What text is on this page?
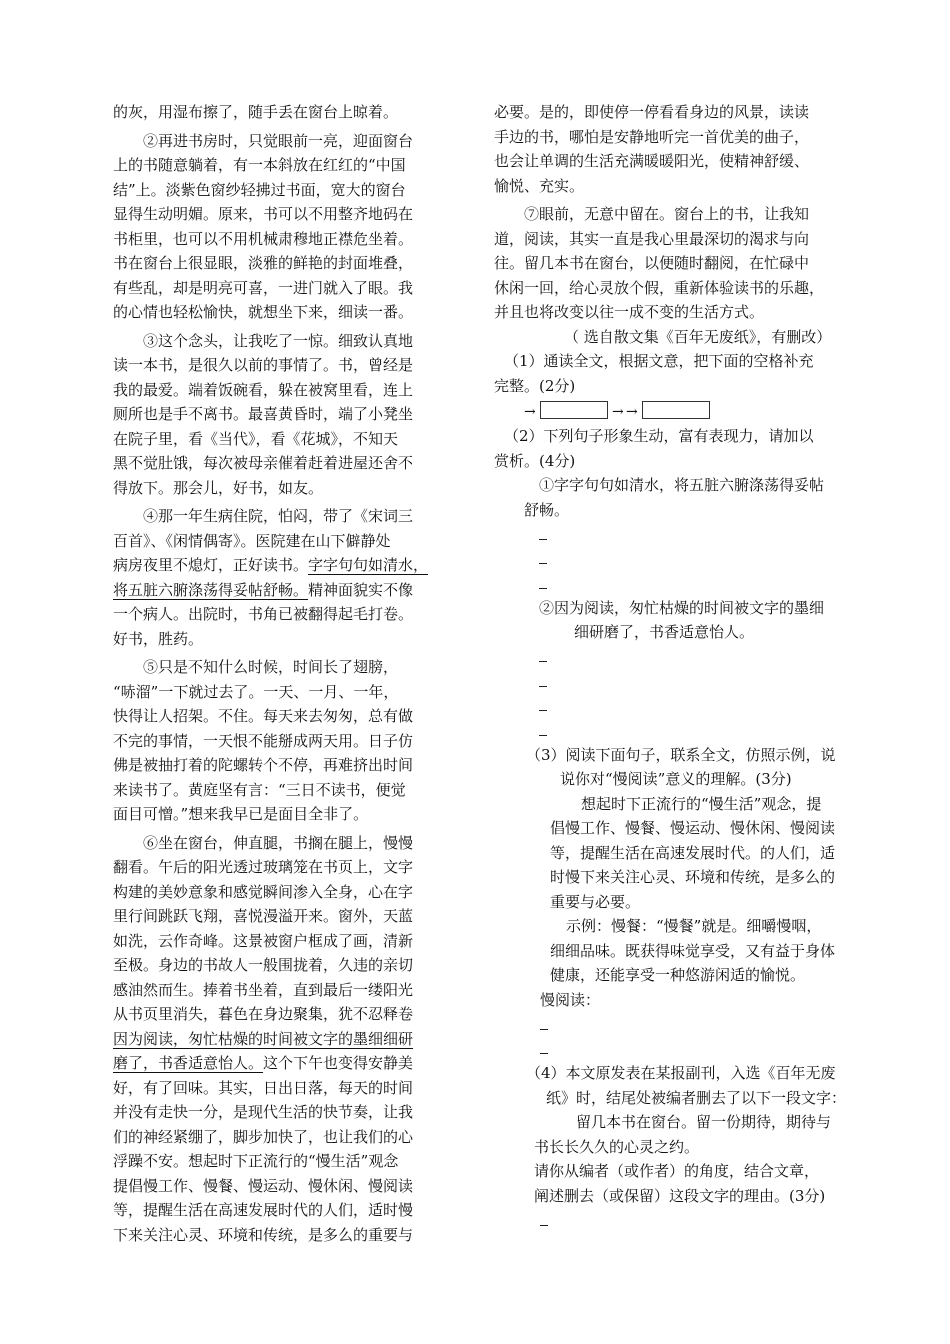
的灰，用湿布擦了，随手丢在窗台上晾着。
　　②再进书房时，只觉眼前一亮，迎面窗台
上的书随意躺着，有一本斜放在红红的“中国
结”上。淡紫色窗纱轻拂过书面，宽大的窗台
显得生动明媚。原来，书可以不用整齐地码在
书柜里，也可以不用机械肃穆地正襟危坐着。
书在窗台上很显眼，淡雅的鲜艳的封面堆叠，
有些乱，却是明亮可喜，一进门就入了眼。我
的心情也轻松愉快，就想坐下来，细读一番。
　　③这个念头，让我吃了一惊。细致认真地
读一本书，是很久以前的事情了。书，曾经是
我的最爱。端着饭碗看，躲在被窝里看，连上
厕所也是手不离书。最喜黄昏时，端了小凳坐
在院子里，看《当代》，看《花城》，不知天
黑不觉肚饿，每次被母亲催着赶着进屋还舍不
得放下。那会儿，好书，如友。
　　④那一年生病住院，怕闷，带了《宋词三
百首》、《闲情偶寄》。医院建在山下僻静处
病房夜里不熄灯，正好读书。字字句句如清水，
将五脏六腑涤荡得妥帖舒畅。精神面貌实不像
一个病人。出院时，书角已被翻得起毛打卷。
好书，胜药。
　　⑤只是不知什么时候，时间长了翅膀，
“哧溜”一下就过去了。一天、一月、一年，
快得让人招架。不住。每天来去匆匆，总有做
不完的事情，一天恨不能掰成两天用。日子仿
佛是被抽打着的陀螺转个不停，再难挤出时间
来读书了。黄庭坚有言：“三日不读书，便觉
面目可憎。”想来我早已是面目全非了。
　　⑥坐在窗台，伸直腿，书搁在腿上，慢慢
翻看。午后的阳光透过玻璃笼在书页上，文字
构建的美妙意象和感觉瞬间渗入全身，心在字
里行间跳跃飞翔，喜悦漫溢开来。窗外，天蓝
如洗，云作奇峰。这景被窗户框成了画，清新
至极。身边的书故人一般围拢着，久违的亲切
感油然而生。捧着书坐着，直到最后一缕阳光
从书页里消失，暮色在身边聚集，犹不忍释卷
因为阅读，匆忙枯燥的时间被文字的墨细细研
磨了，书香适意怡人。这个下午也变得安静美
好，有了回味。其实，日出日落，每天的时间
并没有走快一分，是现代生活的快节奏，让我
们的神经紧绷了，脚步加快了，也让我们的心
浮躁不安。想起时下正流行的“慢生活”观念
提倡慢工作、慢餐、慢运动、慢休闲、慢阅读
等，提醒生活在高速发展时代的人们，适时慢
下来关注心灵、环境和传统，是多么的重要与
必要。是的，即使停一停看看身边的风景，读读
手边的书，哪怕是安静地听完一首优美的曲子，
也会让单调的生活充满暖暖阳光，使精神舒缓、
愉悦、充实。
　　⑦眼前，无意中留在。窗台上的书，让我知
道，阅读，其实一直是我心里最深切的渴求与向
往。留几本书在窗台，以便随时翻阅，在忙碌中
休闲一回，给心灵放个假，重新体验读书的乐趣，
并且也将改变以往一成不变的生活方式。
（ 选自散文集《百年无废纸》，有删改）
（1）通读全文，根据文意，把下面的空格补充
完整。(2分)
→	→ →
（2）下列句子形象生动，富有表现力，请加以
赏析。(4分)
①字字句句如清水，将五脏六腑涤荡得妥帖
舒畅。
②因为阅读，匆忙枯燥的时间被文字的墨细
细研磨了，书香适意怡人。
（3）阅读下面句子，联系全文，仿照示例，说
说你对“慢阅读”意义的理解。(3分)
想起时下正流行的“慢生活”观念，提
倡慢工作、慢餐、慢运动、慢休闲、慢阅读
等，提醒生活在高速发展时代。的人们，适
时慢下来关注心灵、环境和传统，是多么的
重要与必要。
示例：慢餐：“慢餐”就是。细嚼慢咽，
细细品味。既获得味觉享受，又有益于身体
健康，还能享受一种悠游闲适的愉悦。
慢阅读：
（4）本文原发表在某报副刊，入选《百年无废
纸》时，结尾处被编者删去了以下一段文字：
留几本书在窗台。留一份期待，期待与
书长长久久的心灵之约。
请你从编者（或作者）的角度，结合文章，
阐述删去（或保留）这段文字的理由。(3分)
